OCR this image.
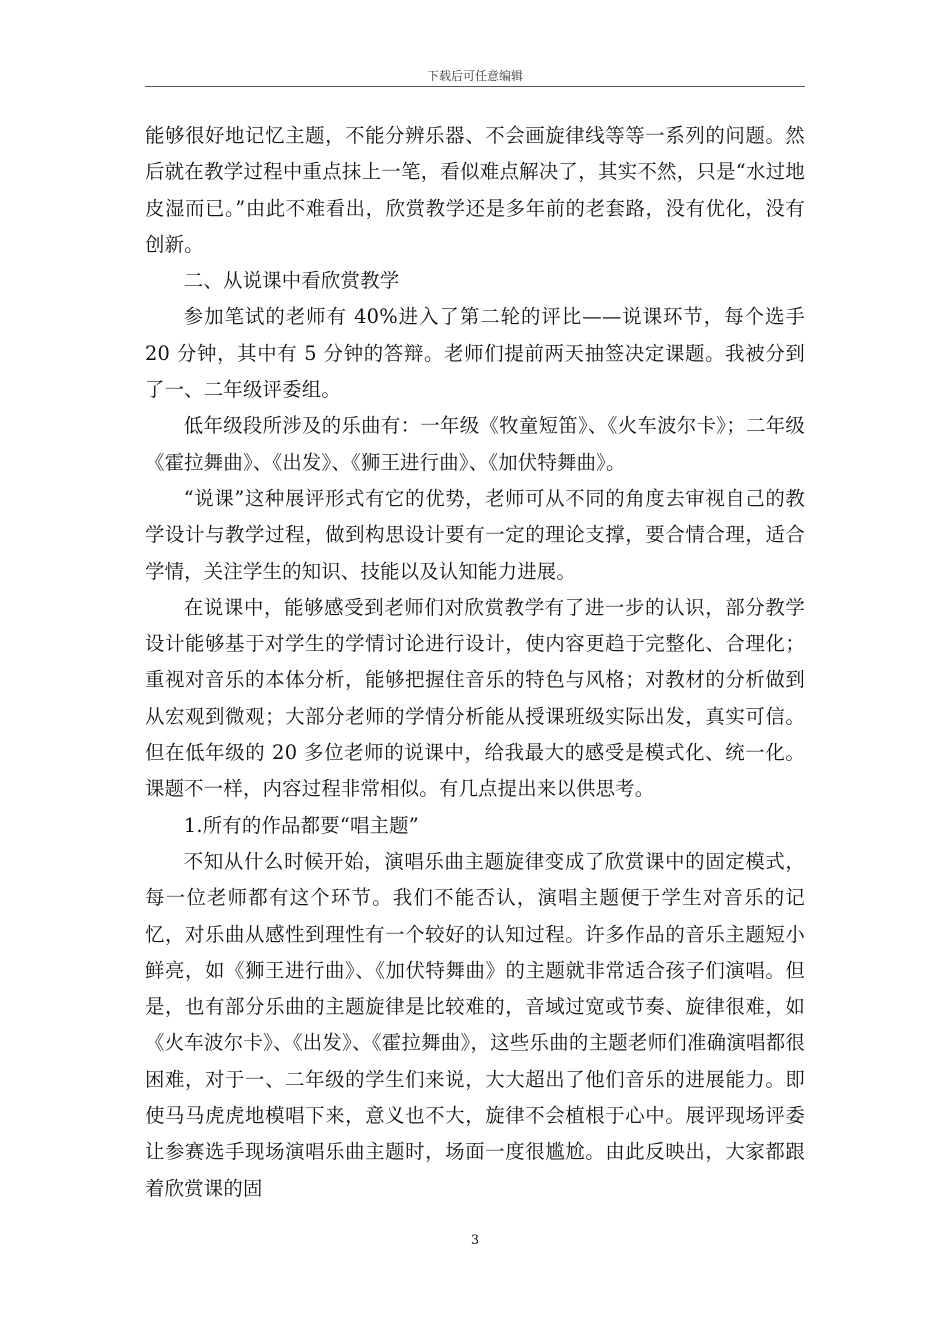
下载后可任意编辑

能够很好地记忆主题，不能分辨乐器、不会画旋律线等等一系列的问题。然后就在教学过程中重点抹上一笔，看似难点解决了，其实不然，只是“水过地皮湿而已。”由此不难看出，欣赏教学还是多年前的老套路，没有优化，没有创新。

二、从说课中看欣赏教学

参加笔试的老师有 40%进入了第二轮的评比——说课环节，每个选手 20 分钟，其中有 5 分钟的答辩。老师们提前两天抽签决定课题。我被分到了一、二年级评委组。

低年级段所涉及的乐曲有：一年级《牧童短笛》、《火车波尔卡》；二年级《霍拉舞曲》、《出发》、《狮王进行曲》、《加伏特舞曲》。

“说课”这种展评形式有它的优势，老师可从不同的角度去审视自己的教学设计与教学过程，做到构思设计要有一定的理论支撑，要合情合理，适合学情，关注学生的知识、技能以及认知能力进展。

在说课中，能够感受到老师们对欣赏教学有了进一步的认识，部分教学设计能够基于对学生的学情讨论进行设计，使内容更趋于完整化、合理化；重视对音乐的本体分析，能够把握住音乐的特色与风格；对教材的分析做到从宏观到微观；大部分老师的学情分析能从授课班级实际出发，真实可信。但在低年级的 20 多位老师的说课中，给我最大的感受是模式化、统一化。课题不一样，内容过程非常相似。有几点提出来以供思考。

1.所有的作品都要“唱主题”

不知从什么时候开始，演唱乐曲主题旋律变成了欣赏课中的固定模式，每一位老师都有这个环节。我们不能否认，演唱主题便于学生对音乐的记忆，对乐曲从感性到理性有一个较好的认知过程。许多作品的音乐主题短小鲜亮，如《狮王进行曲》、《加伏特舞曲》的主题就非常适合孩子们演唱。但是，也有部分乐曲的主题旋律是比较难的，音域过宽或节奏、旋律很难，如《火车波尔卡》、《出发》、《霍拉舞曲》，这些乐曲的主题老师们准确演唱都很困难，对于一、二年级的学生们来说，大大超出了他们音乐的进展能力。即使马马虎虎地模唱下来，意义也不大，旋律不会植根于心中。展评现场评委让参赛选手现场演唱乐曲主题时，场面一度很尴尬。由此反映出，大家都跟着欣赏课的固

3
